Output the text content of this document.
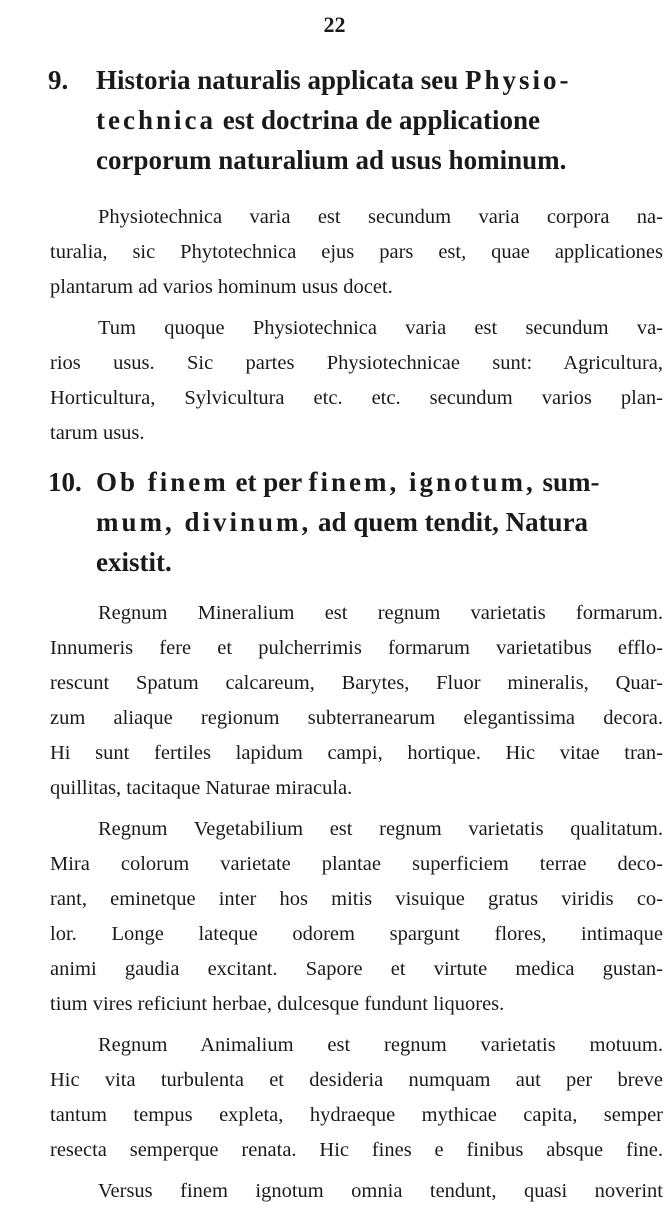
22
9. Historia naturalis applicata seu Physio-
technica est doctrina de applicatione
corporum naturalium ad usus hominum.
Physiotechnica varia est secundum varia corpora na-
turalia, sic Phytotechnica ejus pars est, quae applicationes
plantarum ad varios hominum usus docet.
Tum quoque Physiotechnica varia est secundum va-
rios usus. Sic partes Physiotechnicae sunt: Agricultura,
Horticultura, Sylvicultura etc. etc. secundum varios plan-
tarum usus.
10. Ob finem et per finem, ignotum, sum-
mum, divinum, ad quem tendit, Natura
existit.
Regnum Mineralium est regnum varietatis formarum.
Innumeris fere et pulcherrimis formarum varietatibus efflo-
rescunt Spatum calcareum, Barytes, Fluor mineralis, Quar-
zum aliaque regionum subterranearum elegantissima decora.
Hi sunt fertiles lapidum campi, hortique. Hic vitae tran-
quillitas, tacitaque Naturae miracula.
Regnum Vegetabilium est regnum varietatis qualitatum.
Mira colorum varietate plantae superficiem terrae deco-
rant, eminetque inter hos mitis visuique gratus viridis co-
lor. Longe lateque odorem spargunt flores, intimaque
animi gaudia excitant. Sapore et virtute medica gustan-
tium vires reficiunt herbae, dulcesque fundunt liquores.
Regnum Animalium est regnum varietatis motuum.
Hic vita turbulenta et desideria numquam aut per breve
tantum tempus expleta, hydraeque mythicae capita, semper
resecta semperque renata. Hic fines e finibus absque fine.
Versus finem ignotum omnia tendunt, quasi noverint
